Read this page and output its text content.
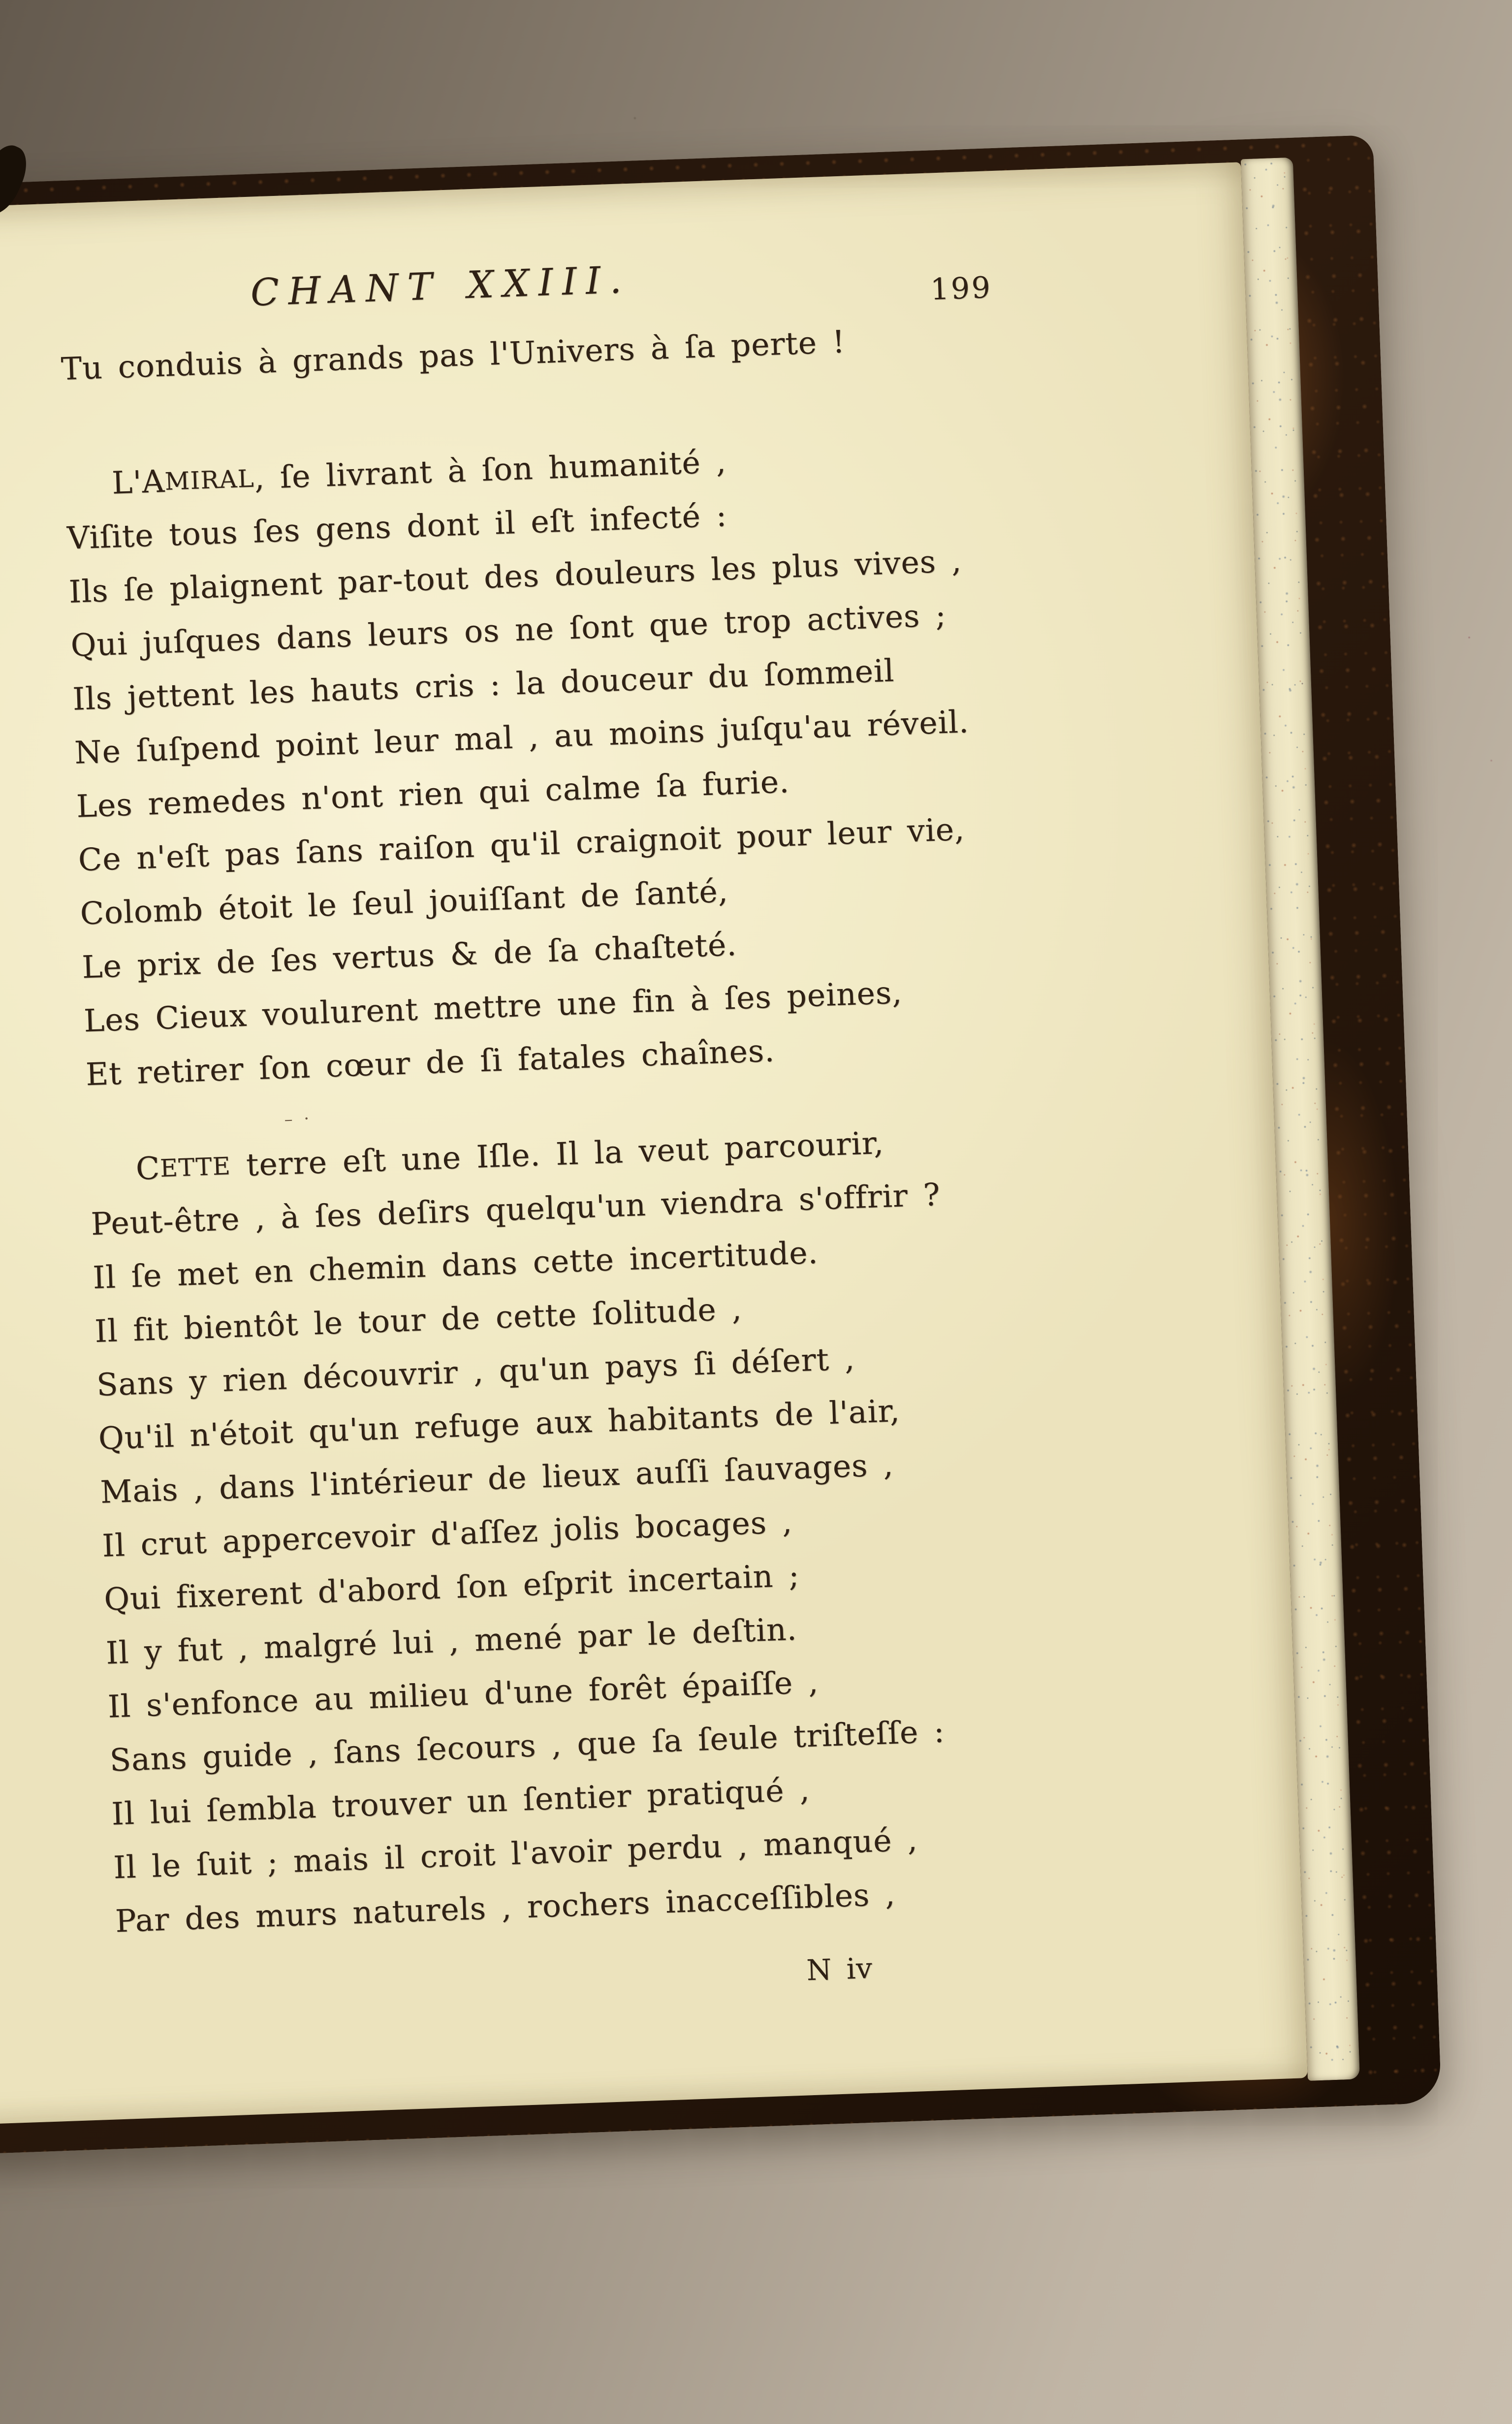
CHANT XXIII.	199
Tu conduis à grands pas l'Univers à ſa perte !
L'A
MIRAL
, ſe livrant à ſon humanité ,
Viſite tous ſes gens dont il eſt infecté :
Ils ſe plaignent par-tout des douleurs les plus vives ,
Qui juſques dans leurs os ne ſont que trop actives ;
Ils jettent les hauts cris : la douceur du ſommeil
Ne ſuſpend point leur mal , au moins juſqu'au réveil.
Les remedes n'ont rien qui calme ſa furie.
Ce n'eſt pas ſans raiſon qu'il craignoit pour leur vie,
Colomb étoit le ſeul jouiſſant de ſanté,
Le prix de ſes vertus & de ſa chaſteté.
Les Cieux voulurent mettre une fin à ſes peines,
Et retirer ſon cœur de ſi fatales chaînes.
– ·
C
ETTE
terre eſt une Iſle. Il la veut parcourir,
Peut-être , à ſes deſirs quelqu'un viendra s'offrir ?
Il ſe met en chemin dans cette incertitude.
Il fit bientôt le tour de cette ſolitude ,
Sans y rien découvrir , qu'un pays ſi déſert ,
Qu'il n'étoit qu'un refuge aux habitants de l'air,
Mais , dans l'intérieur de lieux auſſi ſauvages ,
Il crut appercevoir d'aſſez jolis bocages ,
Qui fixerent d'abord ſon eſprit incertain ;
Il y fut , malgré lui , mené par le deſtin.
Il s'enfonce au milieu d'une forêt épaiſſe ,
Sans guide , ſans ſecours , que ſa ſeule triſteſſe :
Il lui ſembla trouver un ſentier pratiqué ,
Il le ſuit ; mais il croit l'avoir perdu , manqué ,
Par des murs naturels , rochers inacceſſibles ,
N iv
